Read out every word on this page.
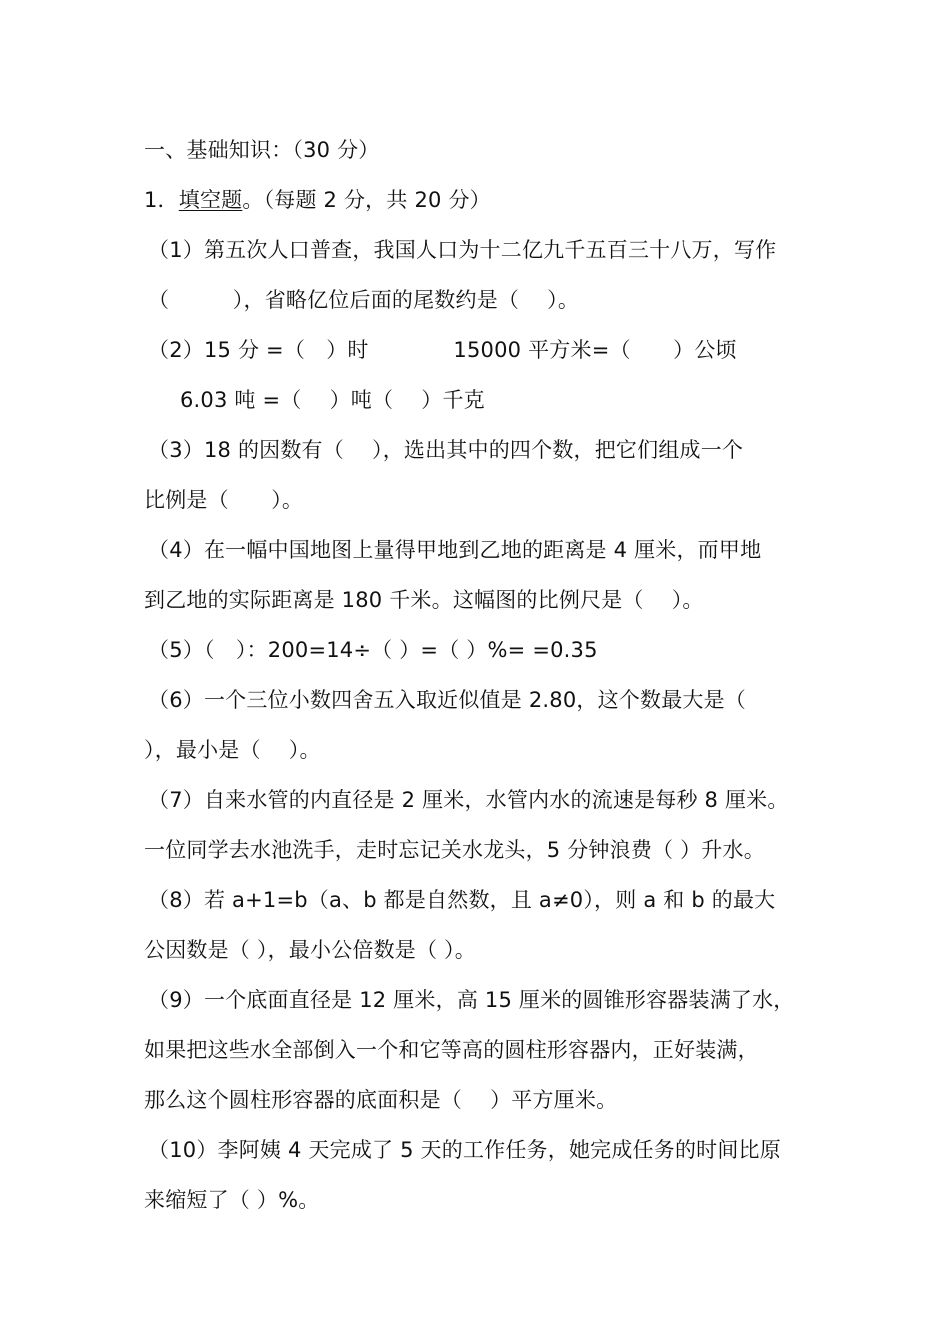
一、基础知识：（30 分）
1．填空题。（每题 2 分，共 20 分）
（1）第五次人口普查，我国人口为十二亿九千五百三十八万，写作
（　　　），省略亿位后面的尾数约是（　 ）。
（2）15 分 =（　）时　　　　15000 平方米=（　　）公顷
6.03 吨 =（　 ）吨（　 ）千克
（3）18 的因数有（　 ），选出其中的四个数，把它们组成一个
比例是（　　）。
（4）在一幅中国地图上量得甲地到乙地的距离是 4 厘米，而甲地
到乙地的实际距离是 180 千米。这幅图的比例尺是（　 ）。
（5）（　）：200=14÷（ ）=（ ）%= =0.35
（6）一个三位小数四舍五入取近似值是 2.80，这个数最大是（
），最小是（　 ）。
（7）自来水管的内直径是 2 厘米，水管内水的流速是每秒 8 厘米。
一位同学去水池洗手，走时忘记关水龙头，5 分钟浪费（ ）升水。
（8）若 a+1=b（a、b 都是自然数，且 a≠0），则 a 和 b 的最大
公因数是（ ），最小公倍数是（ ）。
（9）一个底面直径是 12 厘米，高 15 厘米的圆锥形容器装满了水，
如果把这些水全部倒入一个和它等高的圆柱形容器内，正好装满，
那么这个圆柱形容器的底面积是（　 ）平方厘米。
（10）李阿姨 4 天完成了 5 天的工作任务，她完成任务的时间比原
来缩短了（ ）%。
